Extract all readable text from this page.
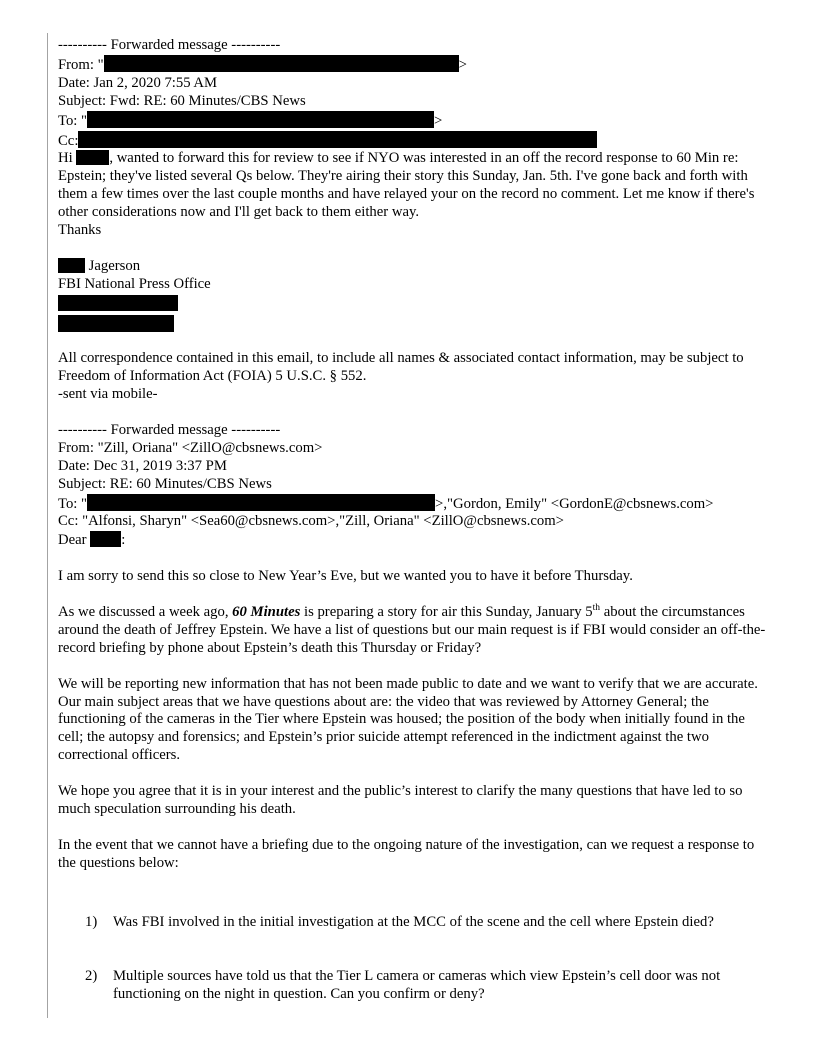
---------- Forwarded message ----------
From: "	>
Date: Jan 2, 2020 7:55 AM
Subject: Fwd: RE: 60 Minutes/CBS News
To: "	>
Cc:
Hi , wanted to forward this for review to see if NYO was interested in an off the record response to 60 Min re: Epstein; they've listed several Qs below. They're airing their story this Sunday, Jan. 5th. I've gone back and forth with them a few times over the last couple months and have relayed your on the record no comment. Let me know if there's other considerations now and I'll get back to them either way.
Thanks
Jagerson
FBI National Press Office
All correspondence contained in this email, to include all names & associated contact information, may be subject to Freedom of Information Act (FOIA) 5 U.S.C. § 552.
-sent via mobile-
---------- Forwarded message ----------
From: "Zill, Oriana" <ZillO@cbsnews.com>
Date: Dec 31, 2019 3:37 PM
Subject: RE: 60 Minutes/CBS News
To: "	>,"Gordon, Emily" <GordonE@cbsnews.com>
Cc: "Alfonsi, Sharyn" <Sea60@cbsnews.com>,"Zill, Oriana" <ZillO@cbsnews.com>
Dear :
I am sorry to send this so close to New Year’s Eve, but we wanted you to have it before Thursday.
As we discussed a week ago, 60 Minutes is preparing a story for air this Sunday, January 5th about the circumstances around the death of Jeffrey Epstein. We have a list of questions but our main request is if FBI would consider an off-the-record briefing by phone about Epstein’s death this Thursday or Friday?
We will be reporting new information that has not been made public to date and we want to verify that we are accurate. Our main subject areas that we have questions about are: the video that was reviewed by Attorney General; the functioning of the cameras in the Tier where Epstein was housed; the position of the body when initially found in the cell; the autopsy and forensics; and Epstein’s prior suicide attempt referenced in the indictment against the two correctional officers.
We hope you agree that it is in your interest and the public’s interest to clarify the many questions that have led to so much speculation surrounding his death.
In the event that we cannot have a briefing due to the ongoing nature of the investigation, can we request a response to the questions below:
1)	Was FBI involved in the initial investigation at the MCC of the scene and the cell where Epstein died?
2)	Multiple sources have told us that the Tier L camera or cameras which view Epstein’s cell door was not functioning on the night in question. Can you confirm or deny?
